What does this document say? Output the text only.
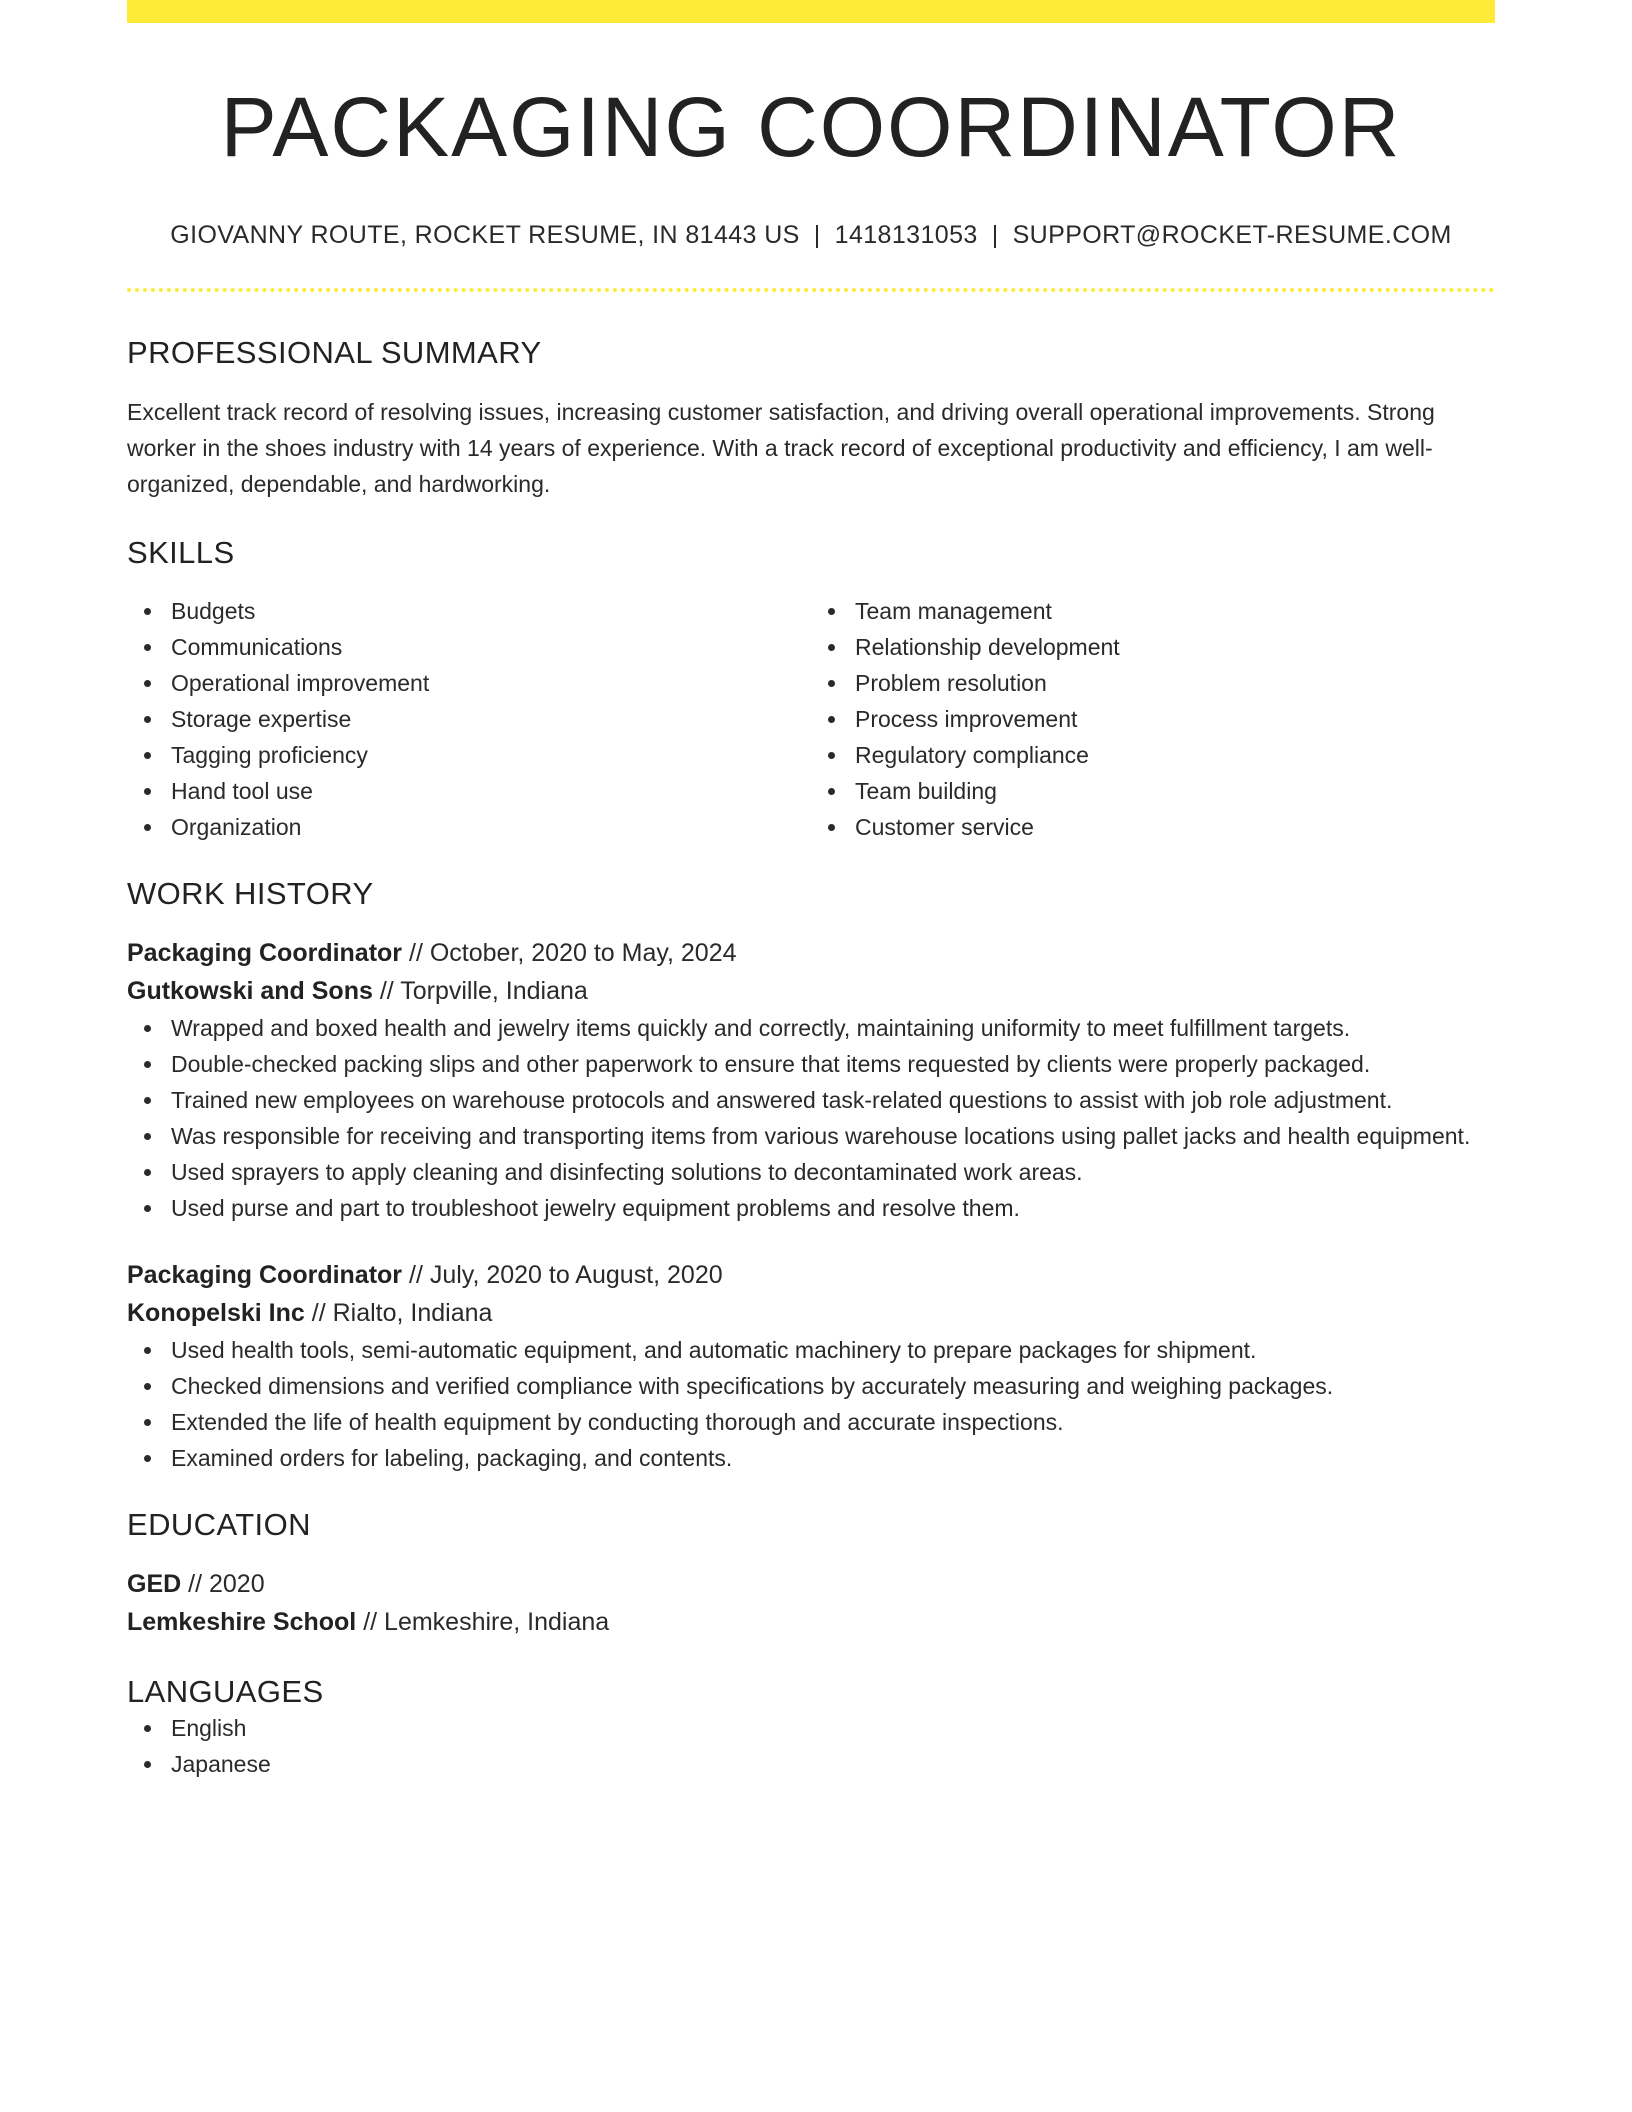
PACKAGING COORDINATOR
GIOVANNY ROUTE, ROCKET RESUME, IN 81443 US | 1418131053 | SUPPORT@ROCKET-RESUME.COM
PROFESSIONAL SUMMARY
Excellent track record of resolving issues, increasing customer satisfaction, and driving overall operational improvements. Strong worker in the shoes industry with 14 years of experience. With a track record of exceptional productivity and efficiency, I am well-organized, dependable, and hardworking.
SKILLS
Budgets
Communications
Operational improvement
Storage expertise
Tagging proficiency
Hand tool use
Organization
Team management
Relationship development
Problem resolution
Process improvement
Regulatory compliance
Team building
Customer service
WORK HISTORY
Packaging Coordinator // October, 2020 to May, 2024
Gutkowski and Sons // Torpville, Indiana
Wrapped and boxed health and jewelry items quickly and correctly, maintaining uniformity to meet fulfillment targets.
Double-checked packing slips and other paperwork to ensure that items requested by clients were properly packaged.
Trained new employees on warehouse protocols and answered task-related questions to assist with job role adjustment.
Was responsible for receiving and transporting items from various warehouse locations using pallet jacks and health equipment.
Used sprayers to apply cleaning and disinfecting solutions to decontaminated work areas.
Used purse and part to troubleshoot jewelry equipment problems and resolve them.
Packaging Coordinator // July, 2020 to August, 2020
Konopelski Inc // Rialto, Indiana
Used health tools, semi-automatic equipment, and automatic machinery to prepare packages for shipment.
Checked dimensions and verified compliance with specifications by accurately measuring and weighing packages.
Extended the life of health equipment by conducting thorough and accurate inspections.
Examined orders for labeling, packaging, and contents.
EDUCATION
GED // 2020
Lemkeshire School // Lemkeshire, Indiana
LANGUAGES
English
Japanese
